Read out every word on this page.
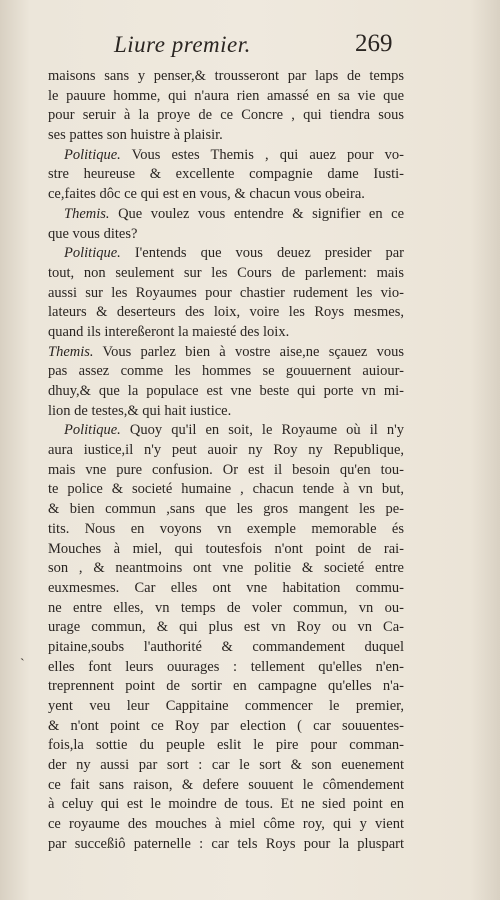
Liure premier.	269
`
maisons sans y penser,& trousseront par laps de temps
le pauure homme, qui n'aura rien amassé en sa vie que
pour seruir à la proye de ce Concre , qui tiendra sous
ses pattes son huistre à plaisir.
Politique. Vous estes Themis , qui auez pour vo-
stre heureuse & excellente compagnie dame Iusti-
ce,faites dôc ce qui est en vous, & chacun vous obeira.
Themis. Que voulez vous entendre & signifier en ce
que vous dites?
Politique. I'entends que vous deuez presider par
tout, non seulement sur les Cours de parlement: mais
aussi sur les Royaumes pour chastier rudement les vio-
lateurs & deserteurs des loix, voire les Roys mesmes,
quand ils intereßeront la maiesté des loix.
Themis. Vous parlez bien à vostre aise,ne sçauez vous
pas assez comme les hommes se gouuernent auiour-
dhuy,& que la populace est vne beste qui porte vn mi-
lion de testes,& qui hait iustice.
Politique. Quoy qu'il en soit, le Royaume où il n'y
aura iustice,il n'y peut auoir ny Roy ny Republique,
mais vne pure confusion. Or est il besoin qu'en tou-
te police & societé humaine , chacun tende à vn but,
& bien commun ,sans que les gros mangent les pe-
tits. Nous en voyons vn exemple memorable és
Mouches à miel, qui toutesfois n'ont point de rai-
son , & neantmoins ont vne politie & societé entre
euxmesmes. Car elles ont vne habitation commu-
ne entre elles, vn temps de voler commun, vn ou-
urage commun, & qui plus est vn Roy ou vn Ca-
pitaine,soubs l'authorité & commandement duquel
elles font leurs ouurages : tellement qu'elles n'en-
treprennent point de sortir en campagne qu'elles n'a-
yent veu leur Cappitaine commencer le premier,
& n'ont point ce Roy par election ( car souuentes-
fois,la sottie du peuple eslit le pire pour comman-
der ny aussi par sort : car le sort & son euenement
ce fait sans raison, & defere souuent le cômendement
à celuy qui est le moindre de tous. Et ne sied point en
ce royaume des mouches à miel côme roy, qui y vient
par succeßiô paternelle : car tels Roys pour la pluspart
